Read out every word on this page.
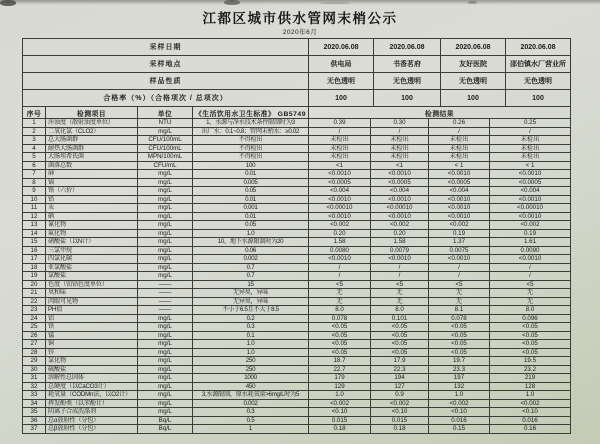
江都区城市供水管网末梢公示
2020年6月
采样日期	2020.06.08	2020.06.08	2020.06.08	2020.06.08
采样地点	供电局	书香茗府	友好医院	邵伯镇水厂营业所
样品性质	无色透明	无色透明	无色透明	无色透明
合格率（%）（合格项次 / 总项次）	100	100	100	100
序号	检测项目	单位	《生活饮用水卫生标准》 GB5749	检测结果			
1	浑浊度（散射浊度单位）	NTU	1、水源与净水技术条件限制时为3	0.39	0.30	0.26	0.25
2	二氧化氯（CLO2）	mg/L	出厂水：0.1~0.8；管网末梢水：≥0.02	/	/	/	/
3	总大肠菌群	CFU/100mL	不得检出	未检出	未检出	未检出	未检出
4	耐热大肠菌群	CFU/100mL	不得检出	未检出	未检出	未检出	未检出
5	大肠埃希氏菌	MPN/100mL	不得检出	未检出	未检出	未检出	未检出
6	菌落总数	CFU/mL	100	<1	<1	< 1	< 1
7	砷	mg/L	0.01	<0.0010	<0.0010	<0.0010	<0.0010
8	镉	mg/L	0.005	<0.0005	<0.0005	<0.0005	<0.0005
9	铬（六价）	mg/L	0.05	<0.004	<0.004	<0.004	<0.004
10	铅	mg/L	0.01	<0.0010	<0.0010	<0.0010	<0.0010
11	汞	mg/L	0.001	<0.00010	<0.00010	<0.0010	<0.00010
12	硒	mg/L	0.01	<0.0010	<0.0010	<0.0010	<0.0010
13	氰化物	mg/L	0.05	<0.002	<0.002	<0.002	<0.002
14	氟化物	mg/L	1.0	0.20	0.20	0.19	0.19
15	硝酸盐（以N计）	mg/L	10，地下水源限制时为20	1.58	1.58	1.37	1.61
16	三氯甲烷	mg/L	0.06	0.0080	0.0079	0.0075	0.0090
17	四氯化碳	mg/L	0.002	<0.0010	<0.0010	<0.0010	<0.0010
18	亚氯酸盐	mg/L	0.7	/	/	/	/
19	氯酸盐	mg/L	0.7	/	/	/	/
20	色度（铂钴色度单位）	——	15	<5	<5	<5	<5
21	臭和味	——	无异臭，异味	无	无	无	无
22	肉眼可见物	——	无异臭，异味	无	无	无	无
23	PH值	——	不小于6.5且不大于8.5	8.0	8.0	8.1	8.0
24	铝	mg/L	0.2	0.078	0.101	0.078	0.096
25	铁	mg/L	0.3	<0.05	<0.05	<0.05	<0.05
26	锰	mg/L	0.1	<0.05	<0.05	<0.05	<0.05
27	铜	mg/L	1.0	<0.05	<0.05	<0.05	<0.05
28	锌	mg/L	1.0	<0.05	<0.05	<0.05	<0.05
29	氯化物	mg/L	250	18.7	17.9	19.7	19.5
30	硫酸盐	mg/L	250	22.7	22.3	23.3	23.2
31	溶解性总固体	mg/L	1000	179	194	197	219
32	总硬度（以CaCO3计）	mg/L	450	129	127	132	128
33	耗氧量（CODMn法，以O2计）	mg/L	3,水源限制，原水耗氧量>6mg/L时为5	1.0	0.9	1.0	1.0
34	挥发酚类（以苯酚计）	mg/L	0.002	<0.002	<0.002	<0.002	<0.002
35	阴离子合成洗涤剂	mg/L	0.3	<0.10	<0.10	<0.10	<0.10
36	总α放射性（分包）	Bq/L	0.5	0.015	0.015	0.016	0.016
37	总β放射性（分包）	Bq/L	1	0.18	0.18	0.15	0.16
